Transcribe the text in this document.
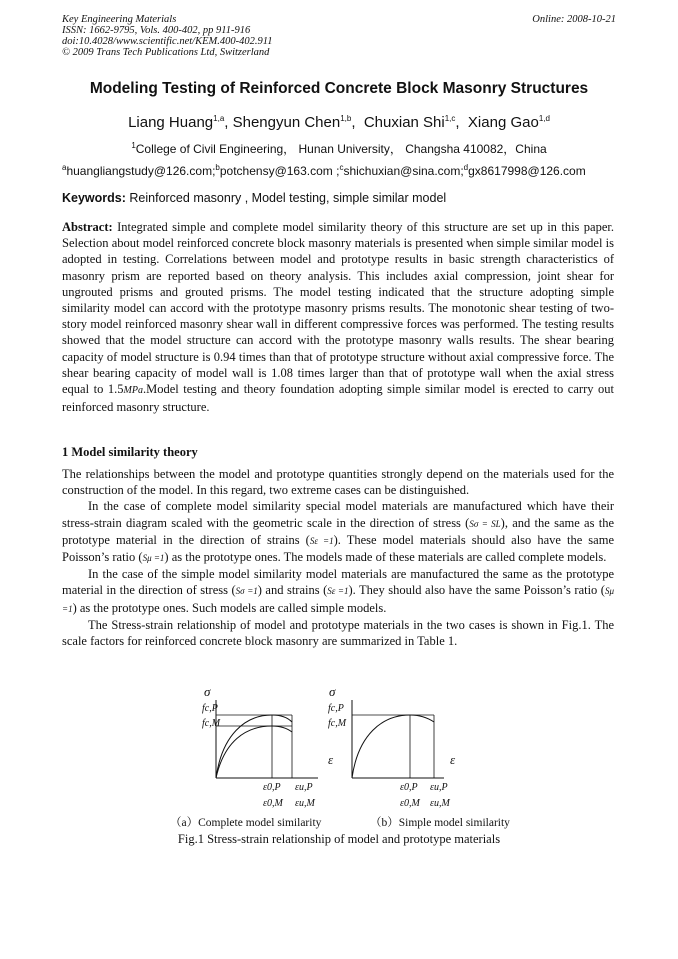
Key Engineering Materials
ISSN: 1662-9795, Vols. 400-402, pp 911-916
doi:10.4028/www.scientific.net/KEM.400-402.911
© 2009 Trans Tech Publications Ltd, Switzerland
Online: 2008-10-21
Modeling Testing of Reinforced Concrete Block Masonry Structures
Liang Huang$^{1,a}$, Shengyun Chen$^{1,b}$,  Chuxian Shi$^{1,c}$,  Xiang Gao$^{1,d}$
$^1$College of Civil Engineering， Hunan University， Changsha 410082，China
$^a$huangliangstudy@126.com;$^b$potchensy@163.com ;$^c$shichuxian@sina.com;$^d$gx8617998@126.com
Keywords: Reinforced masonry , Model testing, simple similar model
Abstract: Integrated simple and complete model similarity theory of this structure are set up in this paper. Selection about model reinforced concrete block masonry materials is presented when simple similar model is adopted in testing. Correlations between model and prototype results in basic strength characteristics of masonry prism are reported based on theory analysis. This includes axial compression, joint shear for ungrouted prisms and grouted prisms. The model testing indicated that the structure adopting simple similarity model can accord with the prototype masonry prisms results. The monotonic shear testing of two-story model reinforced masonry shear wall in different compressive forces was performed. The testing results showed that the model structure can accord with the prototype masonry walls results. The shear bearing capacity of model structure is 0.94 times than that of prototype structure without axial compressive force. The shear bearing capacity of model wall is 1.08 times larger than that of prototype wall when the axial stress equal to 1.5MPa.Model testing and theory foundation adopting simple similar model is erected to carry out reinforced masonry structure.
1 Model similarity theory

The relationships between the model and prototype quantities strongly depend on the materials used for the construction of the model. In this regard, two extreme cases can be distinguished.

In the case of complete model similarity special model materials are manufactured which have their stress-strain diagram scaled with the geometric scale in the direction of stress (Sσ = SL), and the same as the prototype material in the direction of strains (Sε =1). These model materials should also have the same Poisson’s ratio (Sμ =1) as the prototype ones. The models made of these materials are called complete models.

In the case of the simple model similarity model materials are manufactured the same as the prototype material in the direction of stress (Sσ =1) and strains (Sε =1). They should also have the same Poisson’s ratio (Sμ =1) as the prototype ones. Such models are called simple models.

The Stress-strain relationship of model and prototype materials in the two cases is shown in Fig.1. The scale factors for reinforced concrete block masonry are summarized in Table 1.

σ
fc,P
fc,M
ε
ε0,P εu,P
ε0,M εu,M
σ
fc,P
fc,M
ε
ε0,P εu,P
ε0,M εu,M
（a）Complete model similarity	（b）Simple model similarity
Fig.1 Stress-strain relationship of model and prototype materials
